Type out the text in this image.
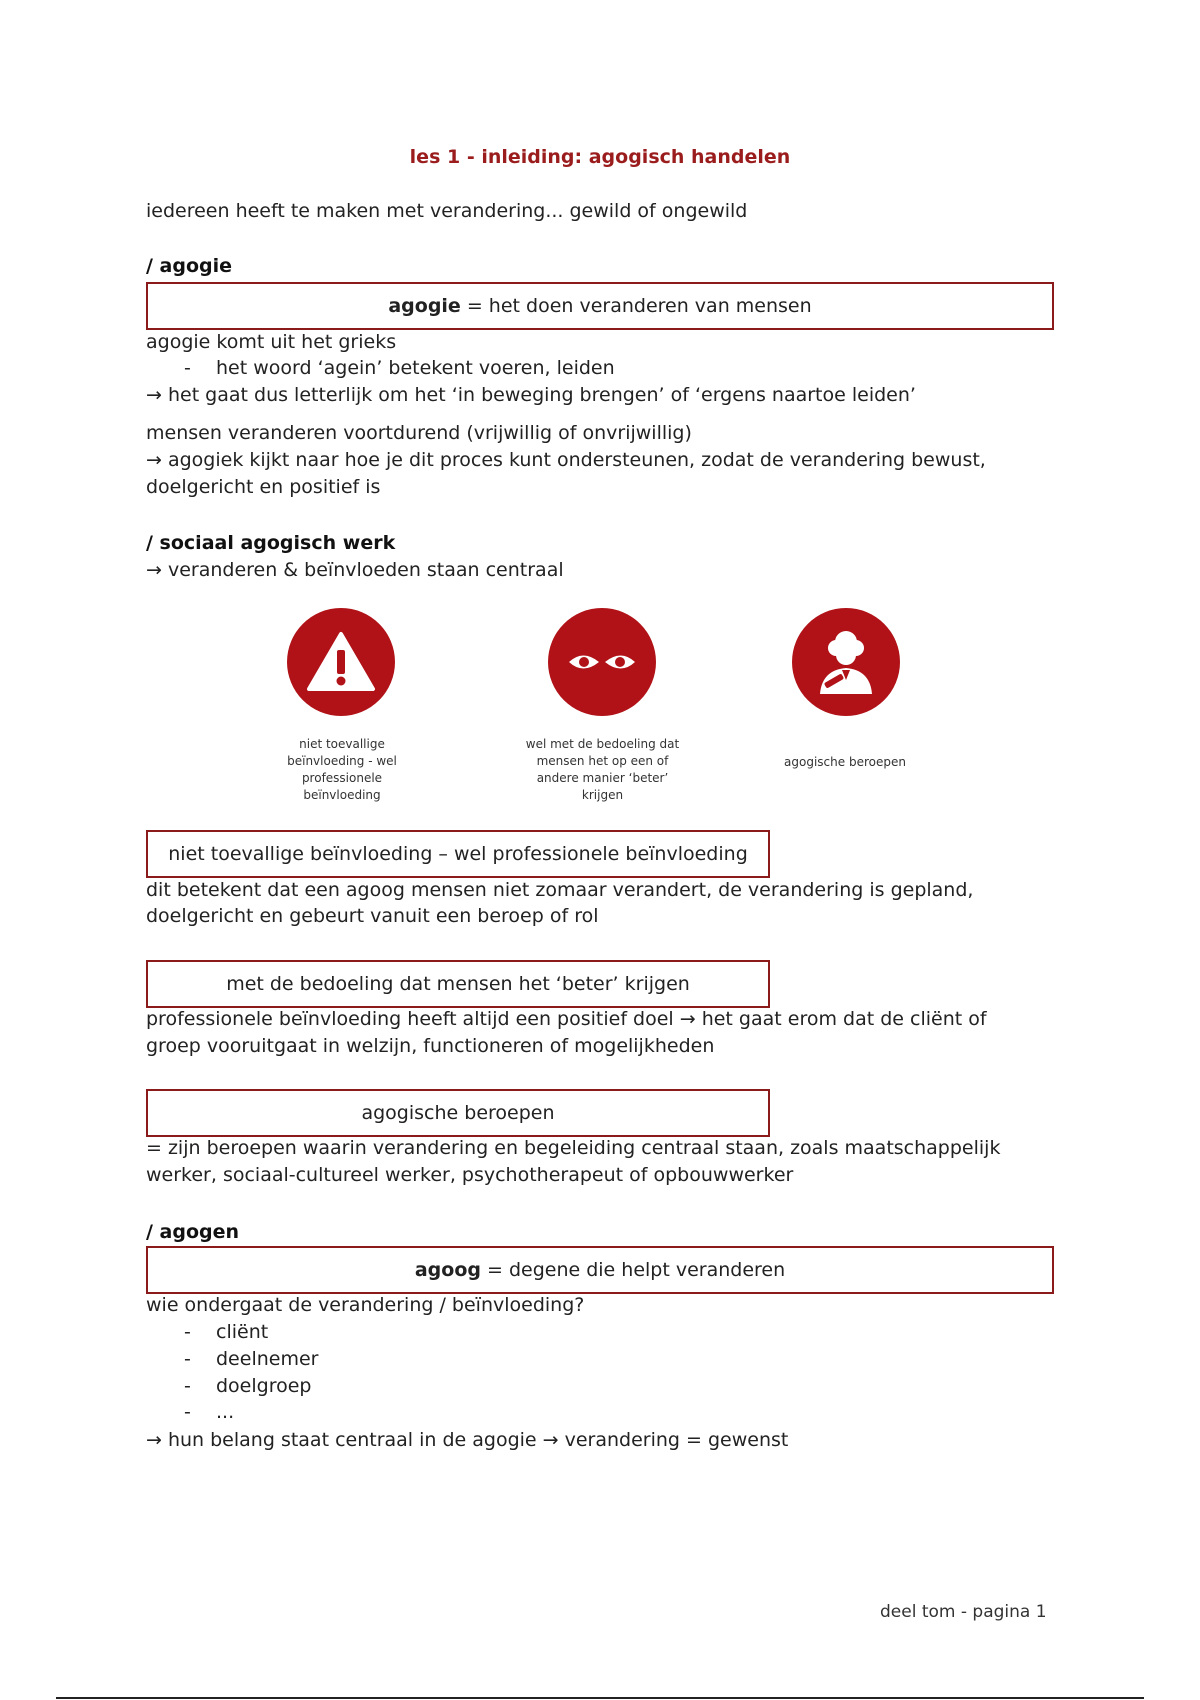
les 1 - inleiding: agogisch handelen
iedereen heeft te maken met verandering... gewild of ongewild
/ agogie
agogie = het doen veranderen van mensen
agogie komt uit het grieks
- het woord ‘agein’ betekent voeren, leiden
→ het gaat dus letterlijk om het ‘in beweging brengen’ of ‘ergens naartoe leiden’
mensen veranderen voortdurend (vrijwillig of onvrijwillig)
→ agogiek kijkt naar hoe je dit proces kunt ondersteunen, zodat de verandering bewust,
doelgericht en positief is
/ sociaal agogisch werk
→ veranderen & beïnvloeden staan centraal
niet toevallige beïnvloeding - wel professionele beïnvloeding
wel met de bedoeling dat mensen het op een of andere manier ‘beter’ krijgen
agogische beroepen
niet toevallige beïnvloeding – wel professionele beïnvloeding
dit betekent dat een agoog mensen niet zomaar verandert, de verandering is gepland,
doelgericht en gebeurt vanuit een beroep of rol
met de bedoeling dat mensen het ‘beter’ krijgen
professionele beïnvloeding heeft altijd een positief doel → het gaat erom dat de cliënt of
groep vooruitgaat in welzijn, functioneren of mogelijkheden
agogische beroepen
= zijn beroepen waarin verandering en begeleiding centraal staan, zoals maatschappelijk
werker, sociaal-cultureel werker, psychotherapeut of opbouwwerker
/ agogen
agoog = degene die helpt veranderen
wie ondergaat de verandering / beïnvloeding?
- cliënt
- deelnemer
- doelgroep
- ...
→ hun belang staat centraal in de agogie → verandering = gewenst
deel tom - pagina 1
